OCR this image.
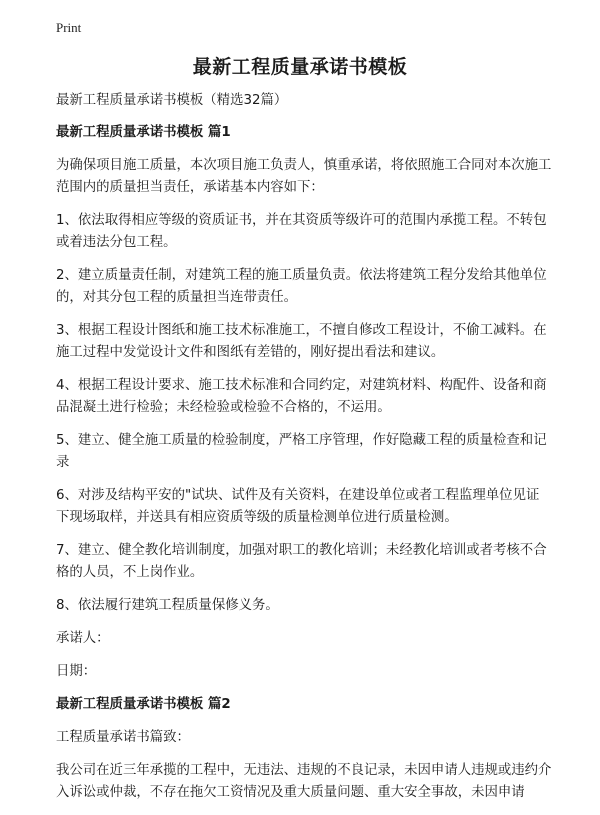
Print
最新工程质量承诺书模板

最新工程质量承诺书模板（精选32篇）

最新工程质量承诺书模板 篇1

为确保项目施工质量，本次项目施工负责人，慎重承诺，将依照施工合同对本次施工范围内的质量担当责任，承诺基本内容如下：

1、依法取得相应等级的资质证书，并在其资质等级许可的范围内承揽工程。不转包或着违法分包工程。

2、建立质量责任制，对建筑工程的施工质量负责。依法将建筑工程分发给其他单位的，对其分包工程的质量担当连带责任。

3、根据工程设计图纸和施工技术标准施工，不擅自修改工程设计，不偷工减料。在施工过程中发觉设计文件和图纸有差错的，刚好提出看法和建议。

4、根据工程设计要求、施工技术标准和合同约定，对建筑材料、构配件、设备和商品混凝土进行检验；未经检验或检验不合格的，不运用。

5、建立、健全施工质量的检验制度，严格工序管理，作好隐藏工程的质量检查和记录

6、对涉及结构平安的"试块、试件及有关资料，在建设单位或者工程监理单位见证下现场取样，并送具有相应资质等级的质量检测单位进行质量检测。

7、建立、健全教化培训制度，加强对职工的教化培训；未经教化培训或者考核不合格的人员，不上岗作业。

8、依法履行建筑工程质量保修义务。

承诺人：

日期：

最新工程质量承诺书模板 篇2

工程质量承诺书篇致：

我公司在近三年承揽的工程中，无违法、违规的不良记录，未因申请人违规或违约介入诉讼或仲裁，不存在拖欠工资情况及重大质量问题、重大安全事故，未因申请
